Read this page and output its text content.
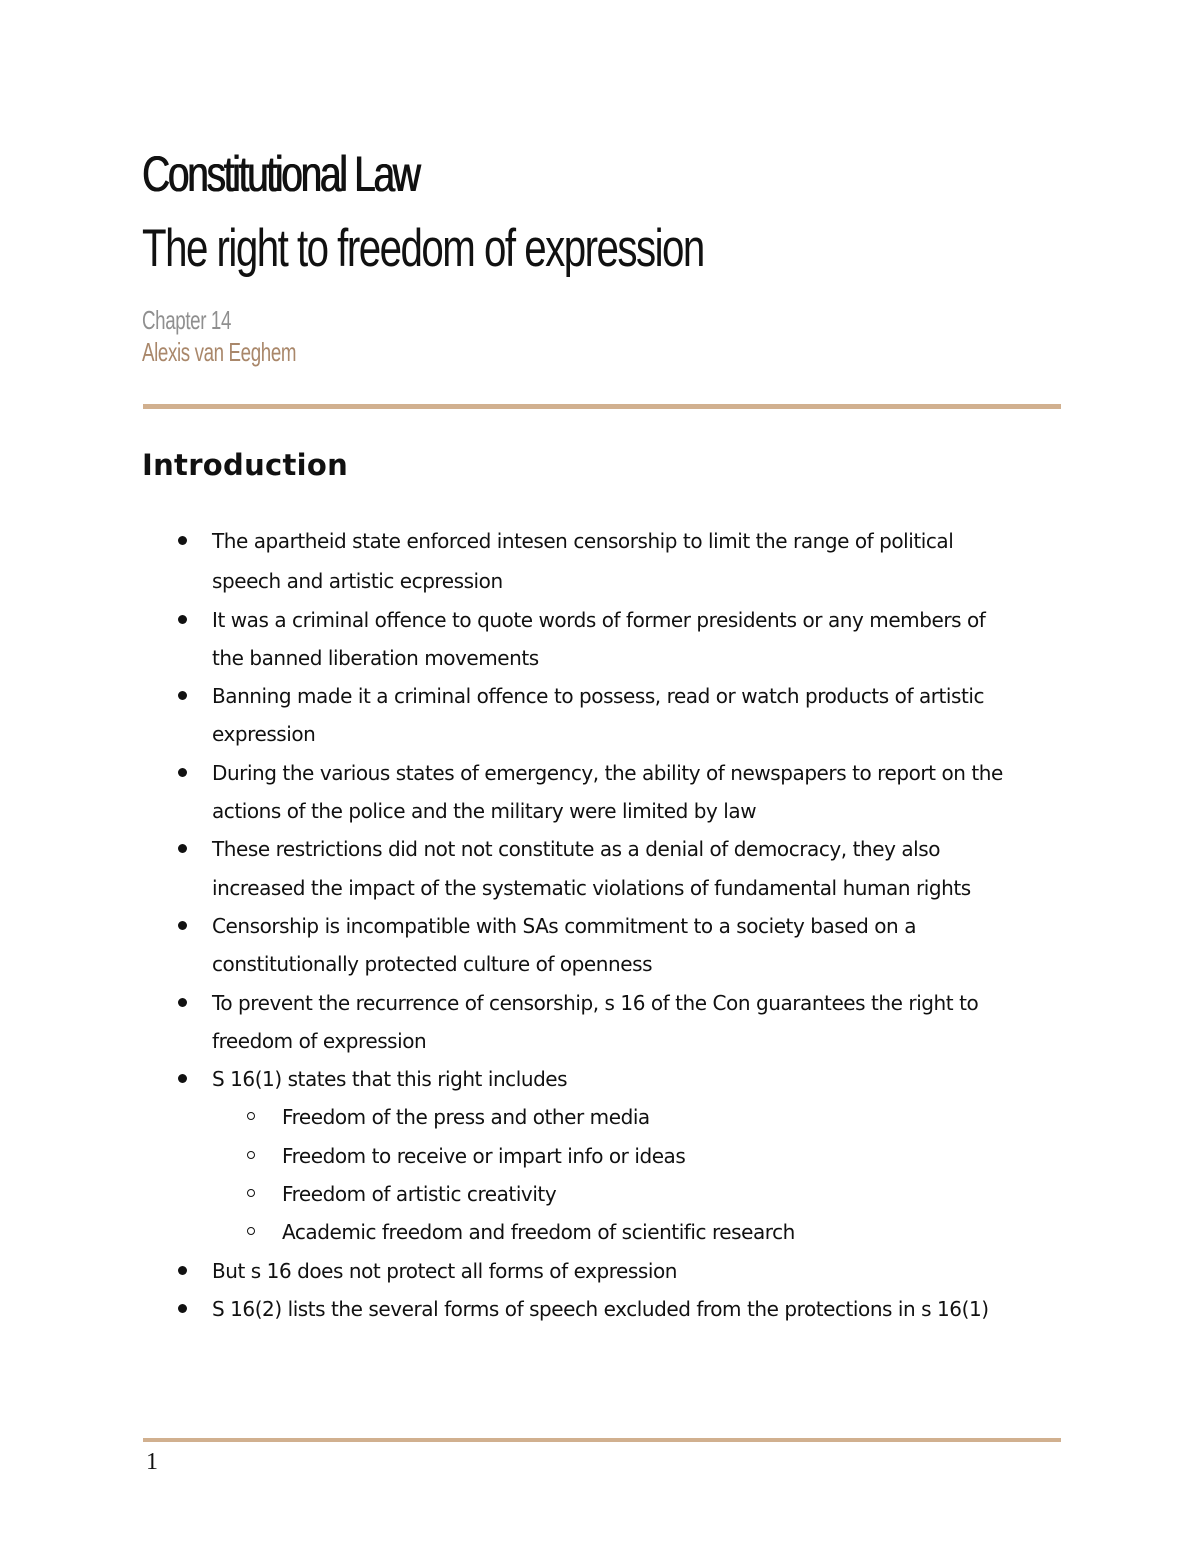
Constitutional Law
The right to freedom of expression
Chapter 14
Alexis van Eeghem
Introduction
The apartheid state enforced intesen censorship to limit the range of political
speech and artistic ecpression
It was a criminal offence to quote words of former presidents or any members of
the banned liberation movements
Banning made it a criminal offence to possess, read or watch products of artistic
expression
During the various states of emergency, the ability of newspapers to report on the
actions of the police and the military were limited by law
These restrictions did not not constitute as a denial of democracy, they also
increased the impact of the systematic violations of fundamental human rights
Censorship is incompatible with SAs commitment to a society based on a
constitutionally protected culture of openness
To prevent the recurrence of censorship, s 16 of the Con guarantees the right to
freedom of expression
S 16(1) states that this right includes
Freedom of the press and other media
Freedom to receive or impart info or ideas
Freedom of artistic creativity
Academic freedom and freedom of scientific research
But s 16 does not protect all forms of expression
S 16(2) lists the several forms of speech excluded from the protections in s 16(1)
1
